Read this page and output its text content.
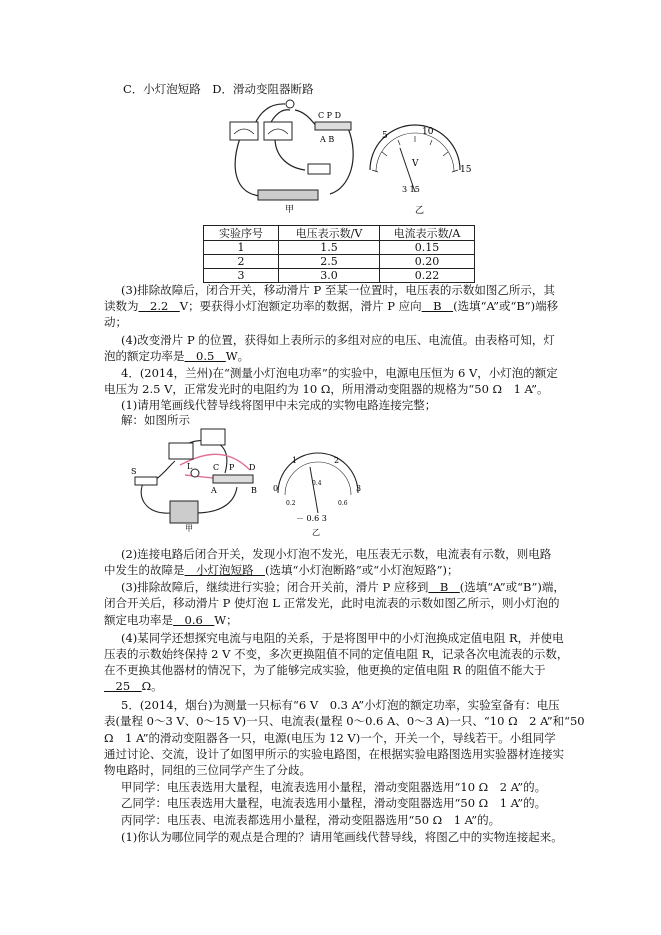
C．小灯泡短路　D．滑动变阻器断路
C P D
A B
甲
5	10
15
V
3 15
乙
实验序号	电压表示数/V	电流表示数/A
1	1.5	0.15
2	2.5	0.20
3	3.0	0.22
(3)排除故障后，闭合开关，移动滑片 P 至某一位置时，电压表的示数如图乙所示，其
读数为　2.2　V；要获得小灯泡额定功率的数据，滑片 P 应向　B　(选填“A”或“B”)端移
动；
(4)改变滑片 P 的位置，获得如上表所示的多组对应的电压、电流值。由表格可知，灯
泡的额定功率是　0.5　W。
4．(2014，兰州)在“测量小灯泡电功率”的实验中，电源电压恒为 6 V，小灯泡的额定
电压为 2.5 V，正常发光时的电阻约为 10 Ω，所用滑动变阻器的规格为“50 Ω　1 A”。
(1)请用笔画线代替导线将图甲中未完成的实物电路连接完整；
解：如图所示
S
L	C P D
A	B
甲
0
1	2
3
0.2
0.4
0.6
－ 0.6 3
乙
(2)连接电路后闭合开关，发现小灯泡不发光，电压表无示数，电流表有示数，则电路
中发生的故障是　小灯泡短路　(选填“小灯泡断路”或“小灯泡短路”)；
(3)排除故障后，继续进行实验；闭合开关前，滑片 P 应移到　B　(选填“A”或“B”)端，
闭合开关后，移动滑片 P 使灯泡 L 正常发光，此时电流表的示数如图乙所示，则小灯泡的
额定电功率是　0.6　W；
(4)某同学还想探究电流与电阻的关系，于是将图甲中的小灯泡换成定值电阻 R，并使电
压表的示数始终保持 2 V 不变，多次更换阻值不同的定值电阻 R，记录各次电流表的示数，
在不更换其他器材的情况下，为了能够完成实验，他更换的定值电阻 R 的阻值不能大于
　25　Ω。
5．(2014，烟台)为测量一只标有“6 V　0.3 A”小灯泡的额定功率，实验室备有：电压
表(量程 0～3 V、0～15 V)一只、电流表(量程 0～0.6 A、0～3 A)一只、“10 Ω　2 A”和“50
Ω　1 A”的滑动变阻器各一只，电源(电压为 12 V)一个，开关一个，导线若干。小组同学
通过讨论、交流，设计了如图甲所示的实验电路图，在根据实验电路图选用实验器材连接实
物电路时，同组的三位同学产生了分歧。
甲同学：电压表选用大量程，电流表选用小量程，滑动变阻器选用“10 Ω　2 A”的。
乙同学：电压表选用大量程，电流表选用小量程，滑动变阻器选用“50 Ω　1 A”的。
丙同学：电压表、电流表都选用小量程，滑动变阻器选用“50 Ω　1 A”的。
(1)你认为哪位同学的观点是合理的？请用笔画线代替导线，将图乙中的实物连接起来。
